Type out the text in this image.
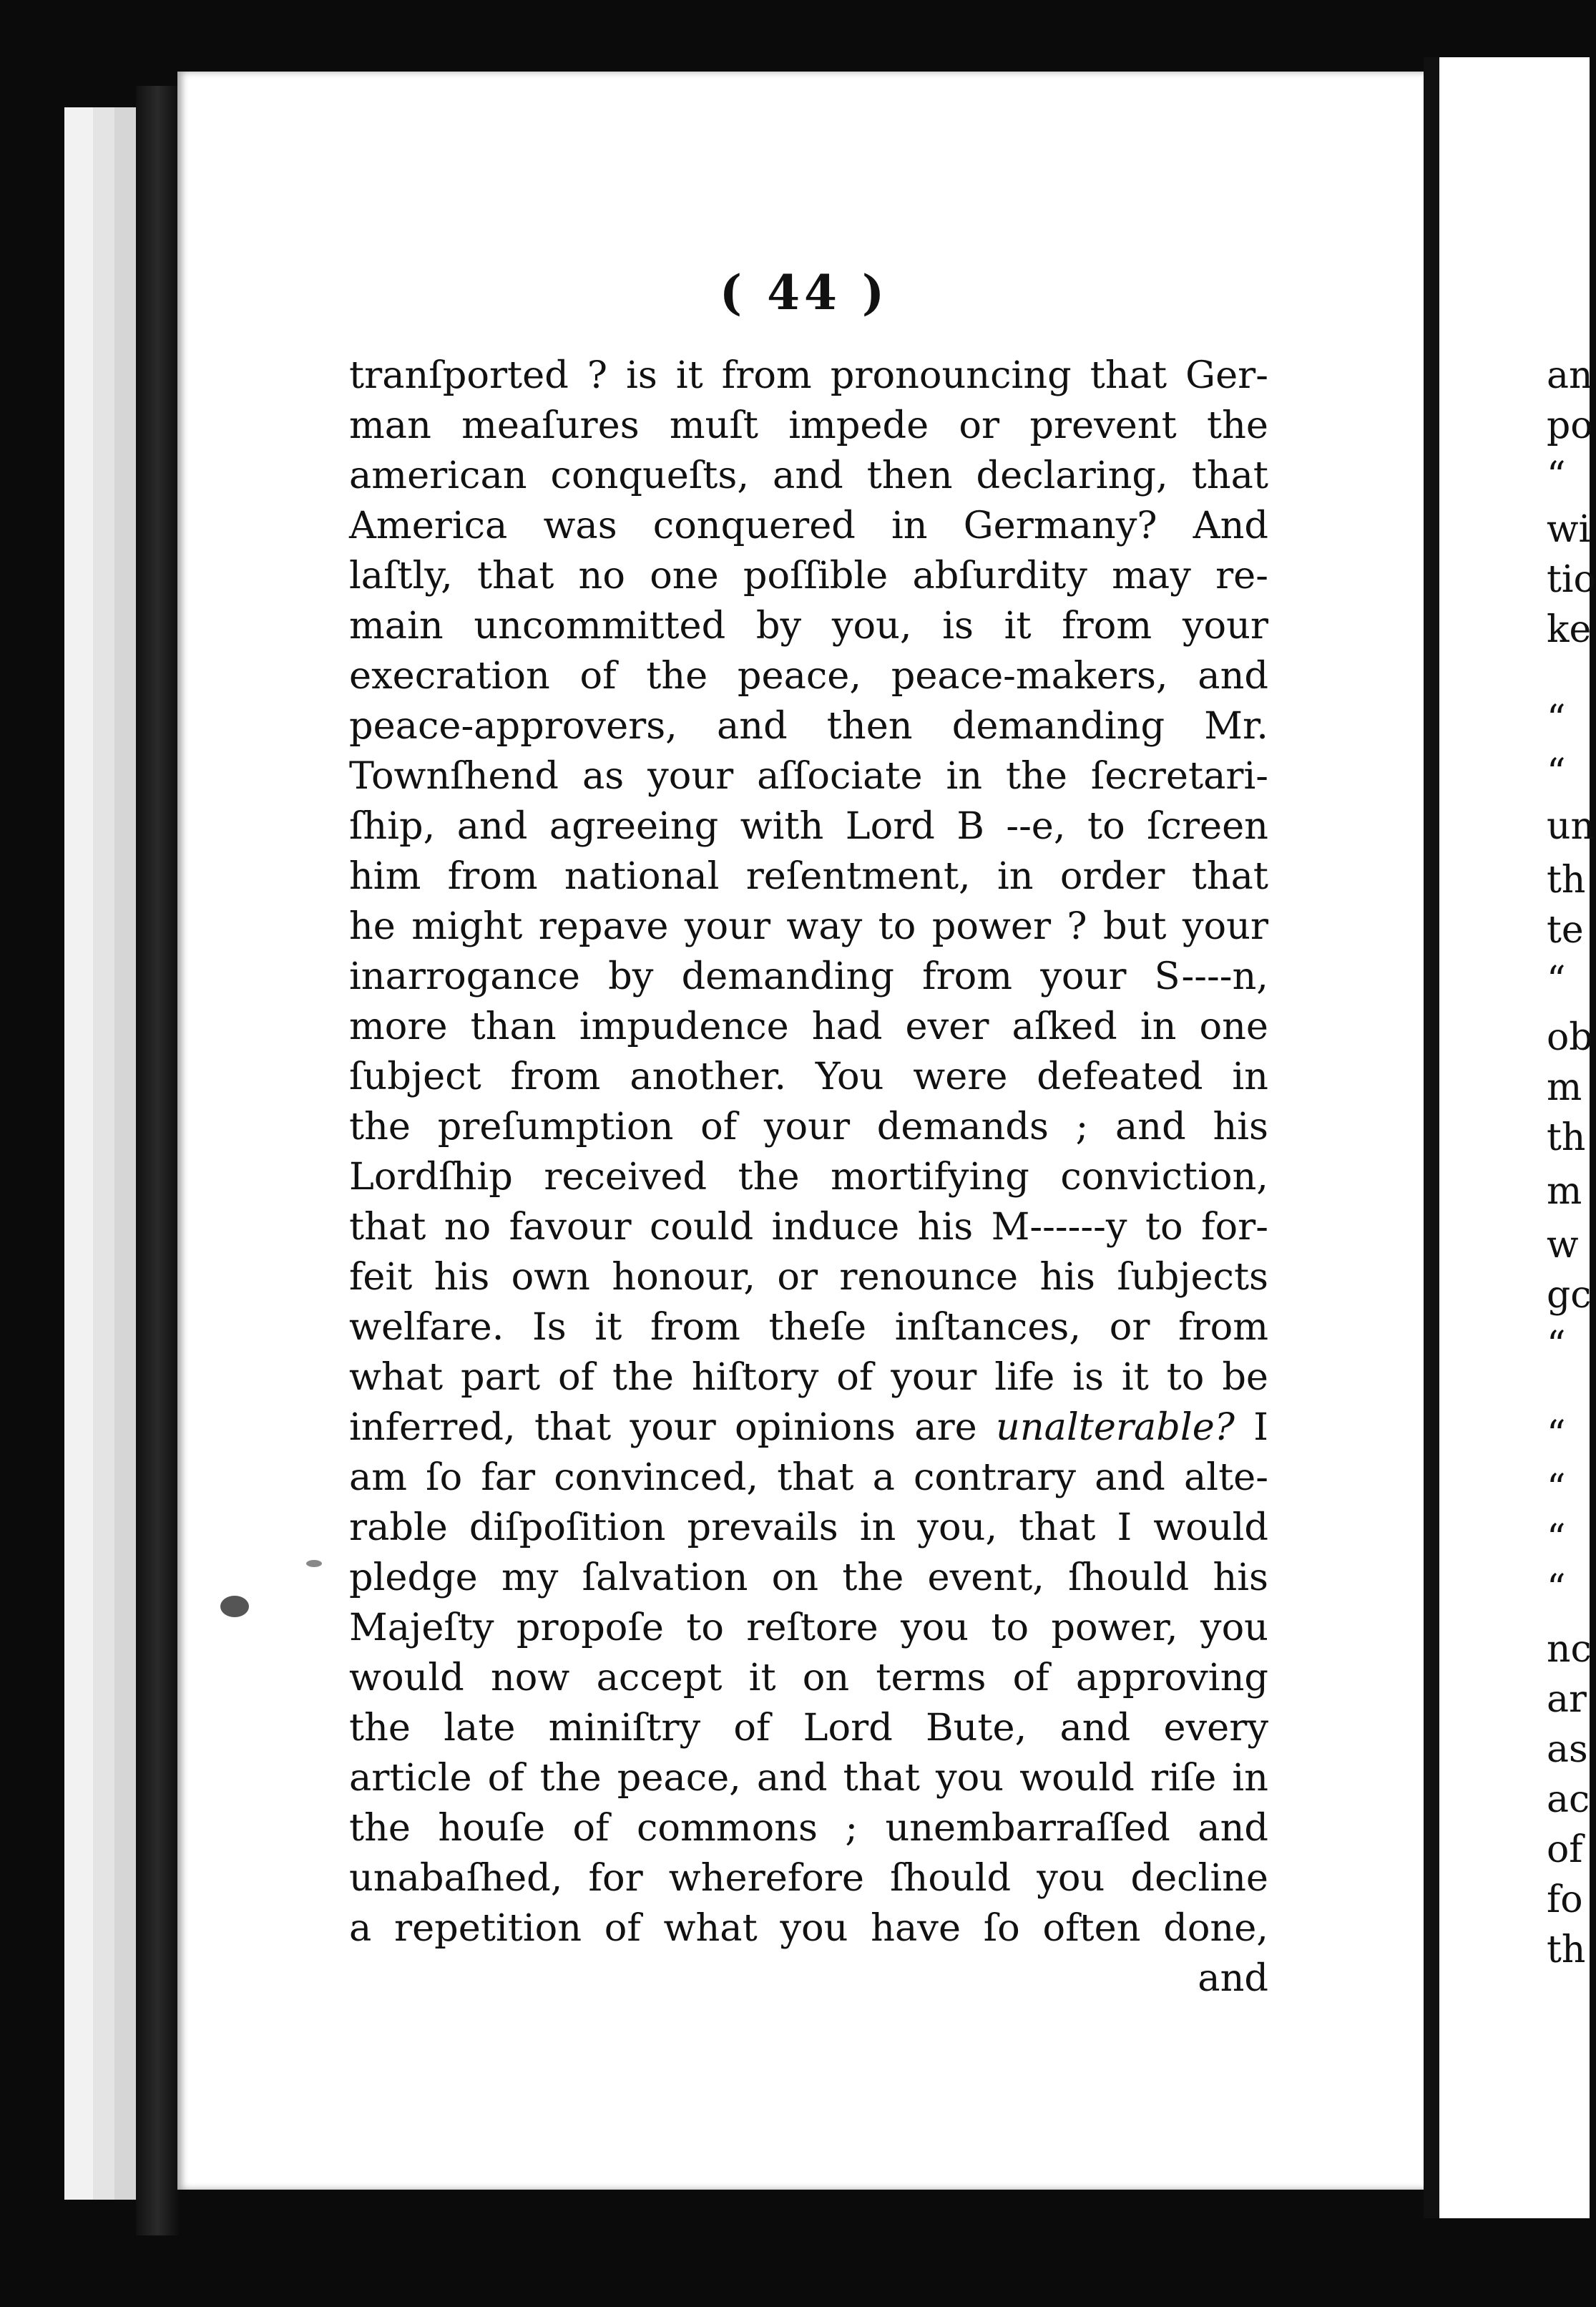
( 44 )
tranſported ? is it from pronouncing that Ger-
man meaſures muſt impede or prevent the
american conqueſts, and then declaring, that
America was conquered in Germany? And
laſtly, that no one poſſible abſurdity may re-
main uncommitted by you, is it from your
execration of the peace, peace-makers, and
peace-approvers, and then demanding Mr.
Townſhend as your aſſociate in the ſecretari-
ſhip, and agreeing with Lord B --e, to ſcreen
him from national reſentment, in order that
he might repave your way to power ? but your
inarrogance by demanding from your S----n,
more than impudence had ever aſked in one
ſubject from another. You were defeated in
the preſumption of your demands ; and his
Lordſhip received the mortifying conviction,
that no favour could induce his M------y to for-
feit his own honour, or renounce his ſubjects
welfare. Is it from theſe inſtances, or from
what part of the hiſtory of your life is it to be
inferred, that your opinions are unalterable? I
am ſo far convinced, that a contrary and alte-
rable diſpoſition prevails in you, that I would
pledge my ſalvation on the event, ſhould his
Majeſty propoſe to reſtore you to power, you
would now accept it on terms of approving
the late miniſtry of Lord Bute, and every
article of the peace, and that you would riſe in
the houſe of commons ; unembarraſſed and
unabaſhed, for wherefore ſhould you decline
a repetition of what you have ſo often done,
and
an
po
“
wi
tio
ke
“
“
un
th
te
“
ob
m
th
m
w
gc
“
“
“
“
“
nc
ar
as
ac
of
fo
th
